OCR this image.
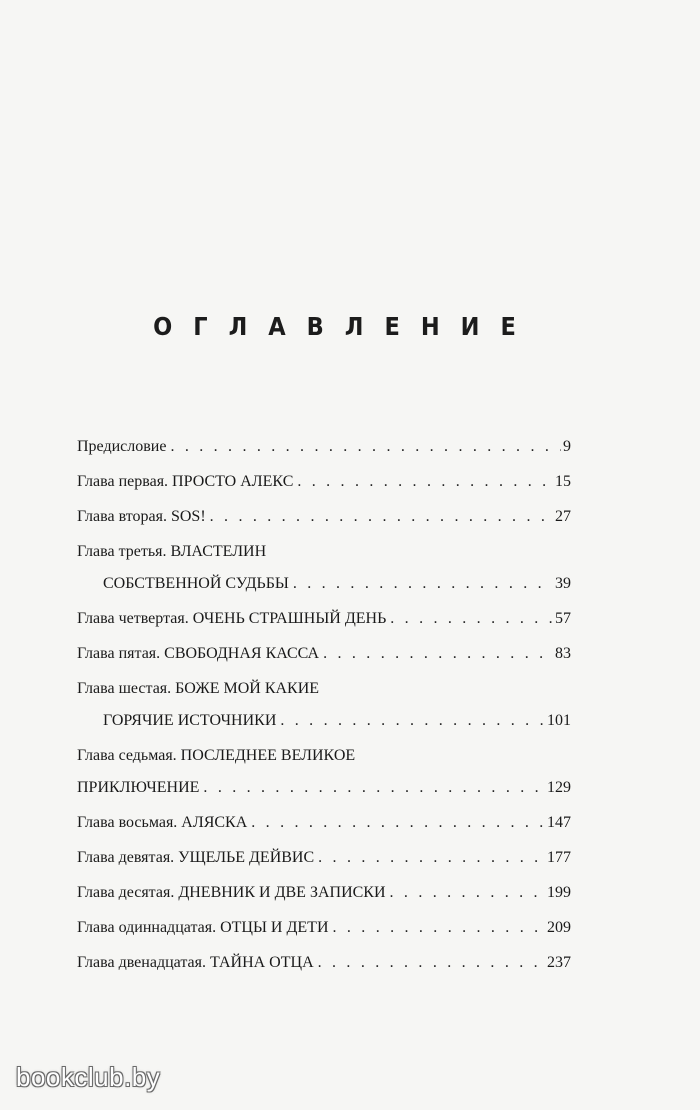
ОГЛАВЛЕНИЕ
Предисловие . . .	9
Глава первая. ПРОСТО АЛЕКС . . .	15
Глава вторая. SOS! . . .	27
Глава третья. ВЛАСТЕЛИН
СОБСТВЕННОЙ СУДЬБЫ . . .	39
Глава четвертая. ОЧЕНЬ СТРАШНЫЙ ДЕНЬ . . .	57
Глава пятая. СВОБОДНАЯ КАССА . . .	83
Глава шестая. БОЖЕ МОЙ КАКИЕ
ГОРЯЧИЕ ИСТОЧНИКИ . . .	101
Глава седьмая. ПОСЛЕДНЕЕ ВЕЛИКОЕ
ПРИКЛЮЧЕНИЕ . . .	129
Глава восьмая. АЛЯСКА . . .	147
Глава девятая. УЩЕЛЬЕ ДЕЙВИС . . .	177
Глава десятая. ДНЕВНИК И ДВЕ ЗАПИСКИ . . .	199
Глава одиннадцатая. ОТЦЫ И ДЕТИ . . .	209
Глава двенадцатая. ТАЙНА ОТЦА . . .	237
bookclub.by
